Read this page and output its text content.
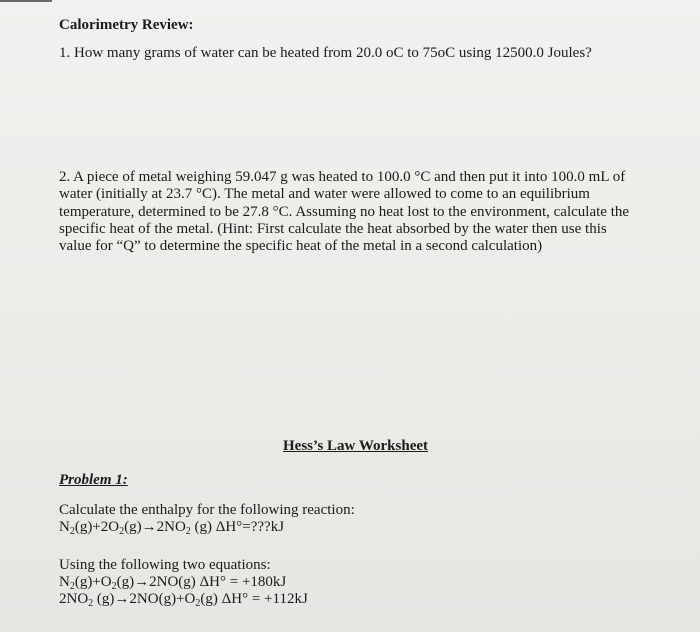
Calorimetry Review:
1. How many grams of water can be heated from 20.0 oC to 75oC using 12500.0 Joules?
2. A piece of metal weighing 59.047 g was heated to 100.0 °C and then put it into 100.0 mL of water (initially at 23.7 °C). The metal and water were allowed to come to an equilibrium temperature, determined to be 27.8 °C. Assuming no heat lost to the environment, calculate the specific heat of the metal. (Hint: First calculate the heat absorbed by the water then use this value for “Q” to determine the specific heat of the metal in a second calculation)
Hess’s Law Worksheet
Problem 1:
Calculate the enthalpy for the following reaction:
$N_2(g)+2O_2(g)\to 2NO_2$ (g) ΔH°=???kJ
Using the following two equations:
$N_2(g)+O_2(g)\to 2NO(g) \Delta H^\circ = +180kJ$
$2NO_2$ $(g)\to 2NO(g)+O_2(g) \Delta H^\circ = +112kJ$
